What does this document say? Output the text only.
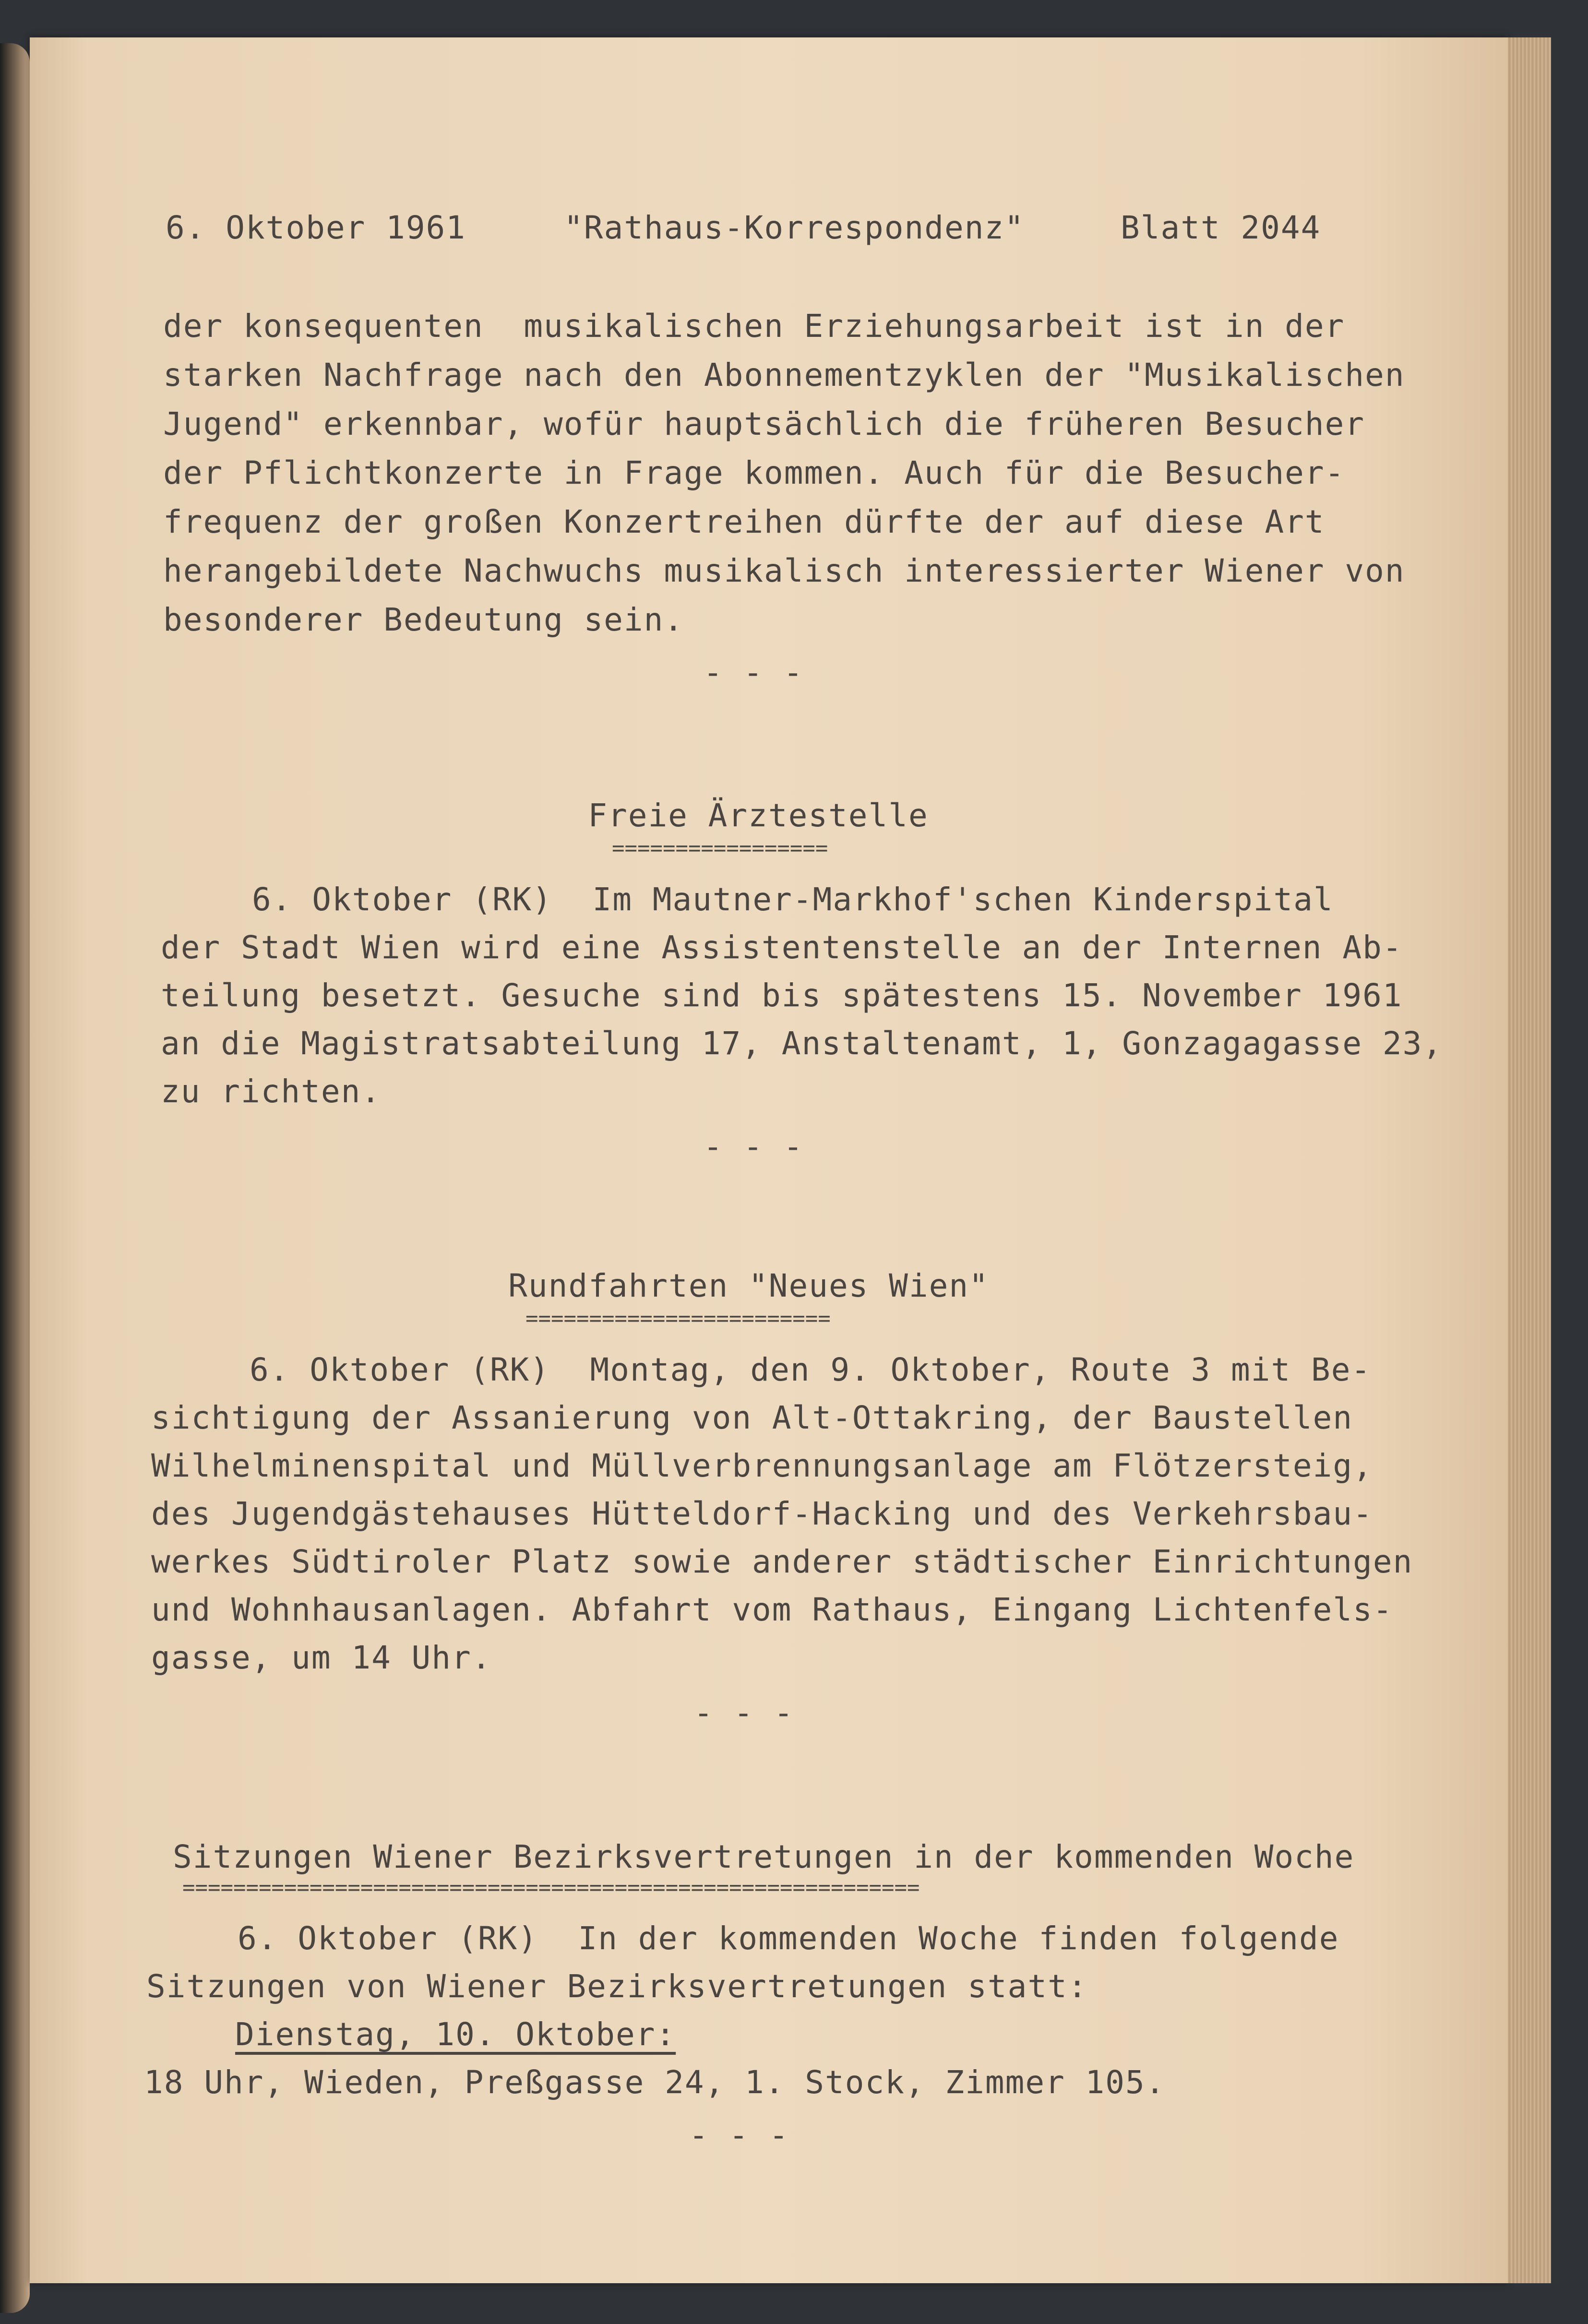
6. Oktober 1961	"Rathaus-Korrespondenz"	Blatt 2044
der konsequenten  musikalischen Erziehungsarbeit ist in der
starken Nachfrage nach den Abonnementzyklen der "Musikalischen
Jugend" erkennbar, wofür hauptsächlich die früheren Besucher
der Pflichtkonzerte in Frage kommen. Auch für die Besucher-
frequenz der großen Konzertreihen dürfte der auf diese Art
herangebildete Nachwuchs musikalisch interessierter Wiener von
besonderer Bedeutung sein.
- - -
Freie Ärztestelle
=================
6. Oktober (RK)  Im Mautner-Markhof'schen Kinderspital
der Stadt Wien wird eine Assistentenstelle an der Internen Ab-
teilung besetzt. Gesuche sind bis spätestens 15. November 1961
an die Magistratsabteilung 17, Anstaltenamt, 1, Gonzagagasse 23,
zu richten.
- - -
Rundfahrten "Neues Wien"
========================
6. Oktober (RK)  Montag, den 9. Oktober, Route 3 mit Be-
sichtigung der Assanierung von Alt-Ottakring, der Baustellen
Wilhelminenspital und Müllverbrennungsanlage am Flötzersteig,
des Jugendgästehauses Hütteldorf-Hacking und des Verkehrsbau-
werkes Südtiroler Platz sowie anderer städtischer Einrichtungen
und Wohnhausanlagen. Abfahrt vom Rathaus, Eingang Lichtenfels-
gasse, um 14 Uhr.
- - -
Sitzungen Wiener Bezirksvertretungen in der kommenden Woche
==========================================================
6. Oktober (RK)  In der kommenden Woche finden folgende
Sitzungen von Wiener Bezirksvertretungen statt:
Dienstag, 10. Oktober:
18 Uhr, Wieden, Preßgasse 24, 1. Stock, Zimmer 105.
- - -
